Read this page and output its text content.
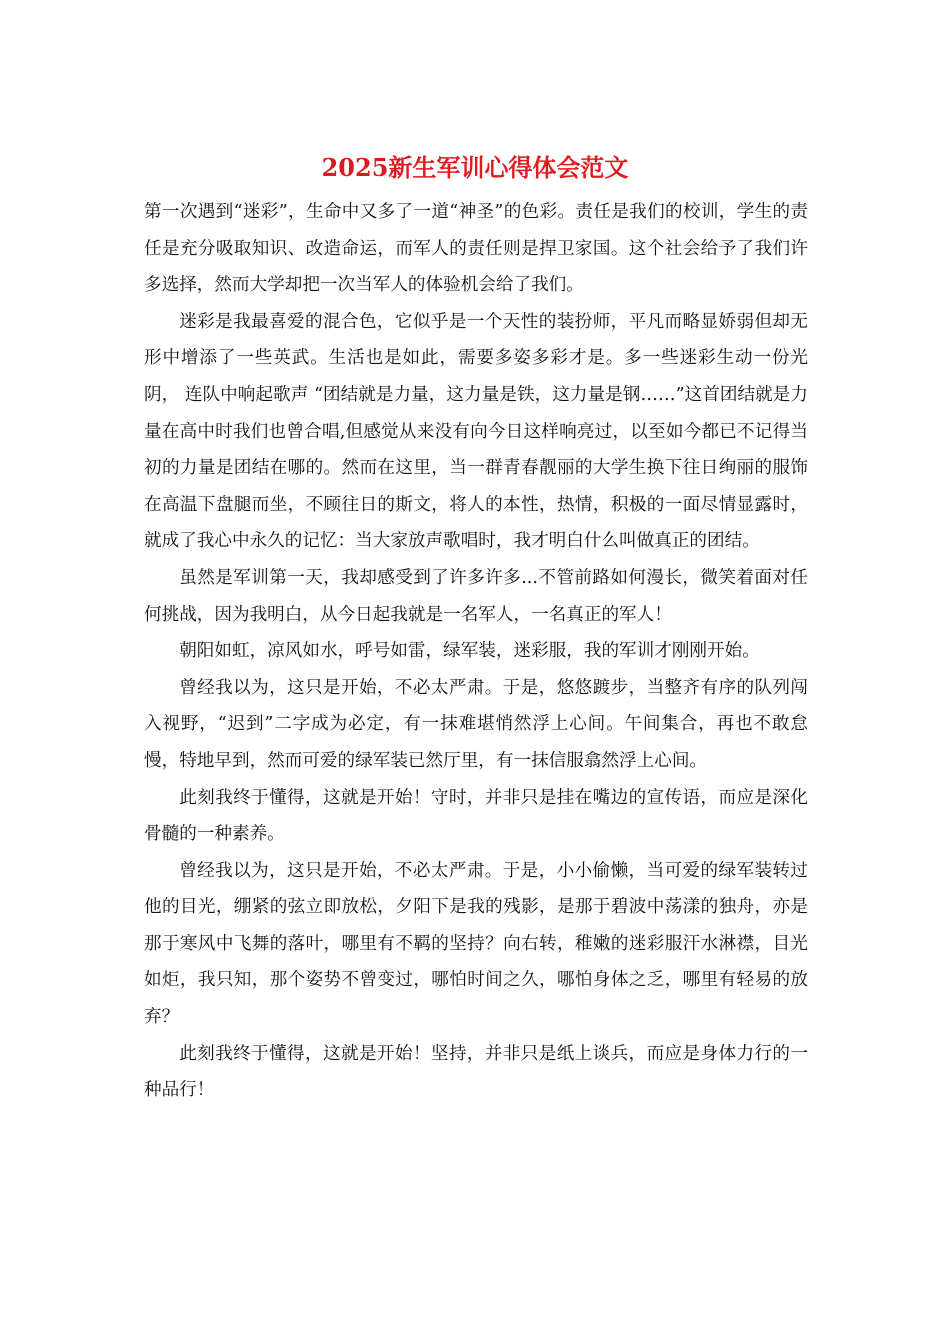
2025新生军训心得体会范文

第一次遇到“迷彩”，生命中又多了一道“神圣”的色彩。责任是我们的校训，学生的责任是充分吸取知识、改造命运，而军人的责任则是捍卫家国。这个社会给予了我们许多选择，然而大学却把一次当军人的体验机会给了我们。

迷彩是我最喜爱的混合色，它似乎是一个天性的装扮师，平凡而略显娇弱但却无形中增添了一些英武。生活也是如此，需要多姿多彩才是。多一些迷彩生动一份光阴， 连队中响起歌声 “团结就是力量，这力量是铁，这力量是钢……”这首团结就是力量在高中时我们也曾合唱,但感觉从来没有向今日这样响亮过，以至如今都已不记得当初的力量是团结在哪的。然而在这里，当一群青春靓丽的大学生换下往日绚丽的服饰在高温下盘腿而坐，不顾往日的斯文，将人的本性，热情，积极的一面尽情显露时，就成了我心中永久的记忆：当大家放声歌唱时，我才明白什么叫做真正的团结。

虽然是军训第一天，我却感受到了许多许多...不管前路如何漫长，微笑着面对任何挑战，因为我明白，从今日起我就是一名军人，一名真正的军人！

朝阳如虹，凉风如水，呼号如雷，绿军装，迷彩服，我的军训才刚刚开始。

曾经我以为，这只是开始，不必太严肃。于是，悠悠踱步，当整齐有序的队列闯入视野，“迟到”二字成为必定，有一抹难堪悄然浮上心间。午间集合，再也不敢怠慢，特地早到，然而可爱的绿军装已然厅里，有一抹信服翕然浮上心间。

此刻我终于懂得，这就是开始！守时，并非只是挂在嘴边的宣传语，而应是深化骨髓的一种素养。

曾经我以为，这只是开始，不必太严肃。于是，小小偷懒，当可爱的绿军装转过他的目光，绷紧的弦立即放松，夕阳下是我的残影，是那于碧波中荡漾的独舟，亦是那于寒风中飞舞的落叶，哪里有不羁的坚持？向右转，稚嫩的迷彩服汗水淋襟，目光如炬，我只知，那个姿势不曾变过，哪怕时间之久，哪怕身体之乏，哪里有轻易的放弃？

此刻我终于懂得，这就是开始！坚持，并非只是纸上谈兵，而应是身体力行的一种品行！
